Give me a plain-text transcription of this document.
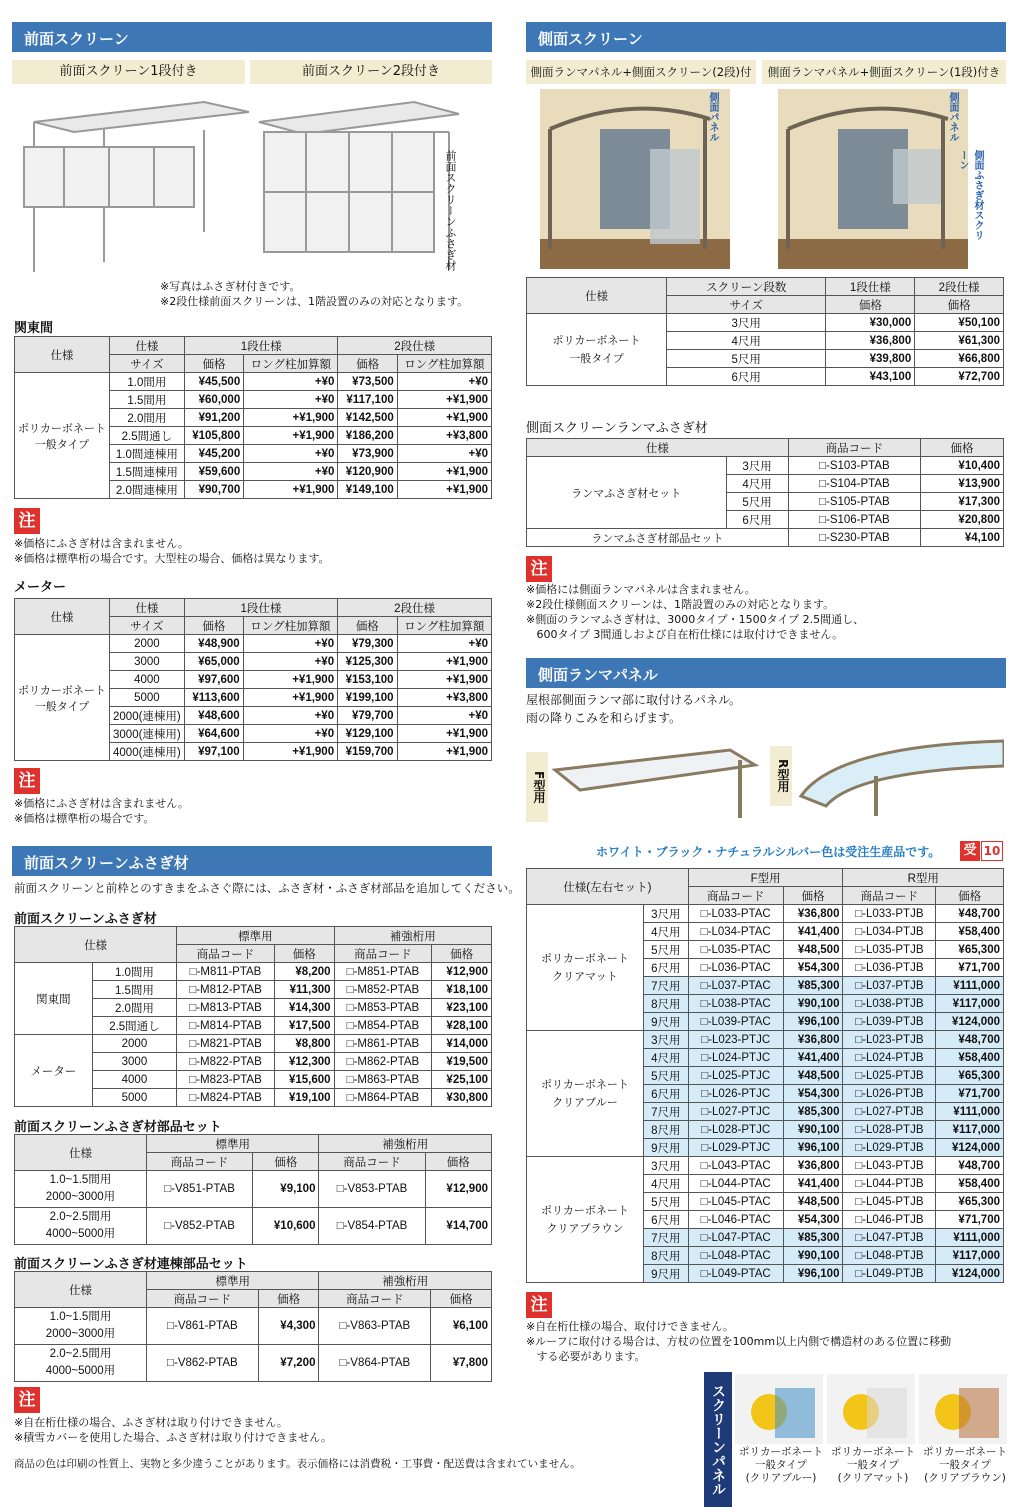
前面スクリーン
前面スクリーン1段付き	前面スクリーン2段付き
前面スクリーンふさぎ材
※写真はふさぎ材付きです。
※2段仕様前面スクリーンは、1階設置のみの対応となります。
関東間
仕様	仕様	1段仕様		2段仕様	
	サイズ	価格	ロング柱加算額	価格	ロング柱加算額
ポリカーボネート
一般タイプ	1.0間用	¥45,500	+¥0	¥73,500	+¥0
	1.5間用	¥60,000	+¥0	¥117,100	+¥1,900
	2.0間用	¥91,200	+¥1,900	¥142,500	+¥1,900
	2.5間通し	¥105,800	+¥1,900	¥186,200	+¥3,800
	1.0間連棟用	¥45,200	+¥0	¥73,900	+¥0
	1.5間連棟用	¥59,600	+¥0	¥120,900	+¥1,900
	2.0間連棟用	¥90,700	+¥1,900	¥149,100	+¥1,900
注
※価格にふさぎ材は含まれません。
※価格は標準桁の場合です。大型柱の場合、価格は異なります。
メーター
仕様	仕様	1段仕様		2段仕様	
	サイズ	価格	ロング柱加算額	価格	ロング柱加算額
ポリカーボネート
一般タイプ	2000	¥48,900	+¥0	¥79,300	+¥0
	3000	¥65,000	+¥0	¥125,300	+¥1,900
	4000	¥97,600	+¥1,900	¥153,100	+¥1,900
	5000	¥113,600	+¥1,900	¥199,100	+¥3,800
	2000(連棟用)	¥48,600	+¥0	¥79,700	+¥0
	3000(連棟用)	¥64,600	+¥0	¥129,100	+¥1,900
	4000(連棟用)	¥97,100	+¥1,900	¥159,700	+¥1,900
注
※価格にふさぎ材は含まれません。
※価格は標準桁の場合です。
前面スクリーンふさぎ材
前面スクリーンと前枠とのすきまをふさぐ際には、ふさぎ材・ふさぎ材部品を追加してください。
前面スクリーンふさぎ材
仕様		標準用		補強桁用	
		商品コード	価格	商品コード	価格
関東間	1.0間用	□-M811-PTAB	¥8,200	□-M851-PTAB	¥12,900
	1.5間用	□-M812-PTAB	¥11,300	□-M852-PTAB	¥18,100
	2.0間用	□-M813-PTAB	¥14,300	□-M853-PTAB	¥23,100
	2.5間通し	□-M814-PTAB	¥17,500	□-M854-PTAB	¥28,100
メーター	2000	□-M821-PTAB	¥8,800	□-M861-PTAB	¥14,000
	3000	□-M822-PTAB	¥12,300	□-M862-PTAB	¥19,500
	4000	□-M823-PTAB	¥15,600	□-M863-PTAB	¥25,100
	5000	□-M824-PTAB	¥19,100	□-M864-PTAB	¥30,800
前面スクリーンふさぎ材部品セット
仕様	標準用		補強桁用	
	商品コード	価格	商品コード	価格
1.0~1.5間用
2000~3000用	□-V851-PTAB	¥9,100	□-V853-PTAB	¥12,900
2.0~2.5間用
4000~5000用	□-V852-PTAB	¥10,600	□-V854-PTAB	¥14,700
前面スクリーンふさぎ材連棟部品セット
仕様	標準用		補強桁用	
	商品コード	価格	商品コード	価格
1.0~1.5間用
2000~3000用	□-V861-PTAB	¥4,300	□-V863-PTAB	¥6,100
2.0~2.5間用
4000~5000用	□-V862-PTAB	¥7,200	□-V864-PTAB	¥7,800
注
※自在桁仕様の場合、ふさぎ材は取り付けできません。
※積雪カバーを使用した場合、ふさぎ材は取り付けできません。
商品の色は印刷の性質上、実物と多少違うことがあります。表示価格には消費税・工事費・配送費は含まれていません。
側面スクリーン
側面ランマパネル+側面スクリーン(2段)付	側面ランマパネル+側面スクリーン(1段)付き
側面パネル	側面パネル
側面ふさぎ材スクリーン
仕様	スクリーン段数	1段仕様	2段仕様
	サイズ	価格	価格
ポリカーボネート
一般タイプ	3尺用	¥30,000	¥50,100
	4尺用	¥36,800	¥61,300
	5尺用	¥39,800	¥66,800
	6尺用	¥43,100	¥72,700
側面スクリーンランマふさぎ材
仕様		商品コード	価格
ランマふさぎ材セット	3尺用	□-S103-PTAB	¥10,400
	4尺用	□-S104-PTAB	¥13,900
	5尺用	□-S105-PTAB	¥17,300
	6尺用	□-S106-PTAB	¥20,800
ランマふさぎ材部品セット		□-S230-PTAB	¥4,100
注
※価格には側面ランマパネルは含まれません。
※2段仕様側面スクリーンは、1階設置のみの対応となります。
※側面のランマふさぎ材は、3000タイプ・1500タイプ 2.5間通し、
600タイプ 3間通しおよび自在桁仕様には取付けできません。
側面ランマパネル
屋根部側面ランマ部に取付けるパネル。
雨の降りこみを和らげます。
F型用	R型用
ホワイト・ブラック・ナチュラルシルバー色は受注生産品です。 受 10
仕様(左右セット)		F型用		R型用	
		商品コード	価格	商品コード	価格
ポリカーボネート
クリアマット	3尺用	□-L033-PTAC	¥36,800	□-L033-PTJB	¥48,700
	4尺用	□-L034-PTAC	¥41,400	□-L034-PTJB	¥58,400
	5尺用	□-L035-PTAC	¥48,500	□-L035-PTJB	¥65,300
	6尺用	□-L036-PTAC	¥54,300	□-L036-PTJB	¥71,700
	7尺用	□-L037-PTAC	¥85,300	□-L037-PTJB	¥111,000
	8尺用	□-L038-PTAC	¥90,100	□-L038-PTJB	¥117,000
	9尺用	□-L039-PTAC	¥96,100	□-L039-PTJB	¥124,000
ポリカーボネート
クリアブルー	3尺用	□-L023-PTJC	¥36,800	□-L023-PTJB	¥48,700
	4尺用	□-L024-PTJC	¥41,400	□-L024-PTJB	¥58,400
	5尺用	□-L025-PTJC	¥48,500	□-L025-PTJB	¥65,300
	6尺用	□-L026-PTJC	¥54,300	□-L026-PTJB	¥71,700
	7尺用	□-L027-PTJC	¥85,300	□-L027-PTJB	¥111,000
	8尺用	□-L028-PTJC	¥90,100	□-L028-PTJB	¥117,000
	9尺用	□-L029-PTJC	¥96,100	□-L029-PTJB	¥124,000
ポリカーボネート
クリアブラウン	3尺用	□-L043-PTAC	¥36,800	□-L043-PTJB	¥48,700
	4尺用	□-L044-PTAC	¥41,400	□-L044-PTJB	¥58,400
	5尺用	□-L045-PTAC	¥48,500	□-L045-PTJB	¥65,300
	6尺用	□-L046-PTAC	¥54,300	□-L046-PTJB	¥71,700
	7尺用	□-L047-PTAC	¥85,300	□-L047-PTJB	¥111,000
	8尺用	□-L048-PTAC	¥90,100	□-L048-PTJB	¥117,000
	9尺用	□-L049-PTAC	¥96,100	□-L049-PTJB	¥124,000
注
※自在桁仕様の場合、取付けできません。
※ルーフに取付ける場合は、方杖の位置を100mm以上内側で構造材のある位置に移動
する必要があります。
スクリーンパネル	ポリカーボネート
一般タイプ
(クリアブルー)
ポリカーボネート
一般タイプ
(クリアマット)
ポリカーボネート
一般タイプ
(クリアブラウン)
